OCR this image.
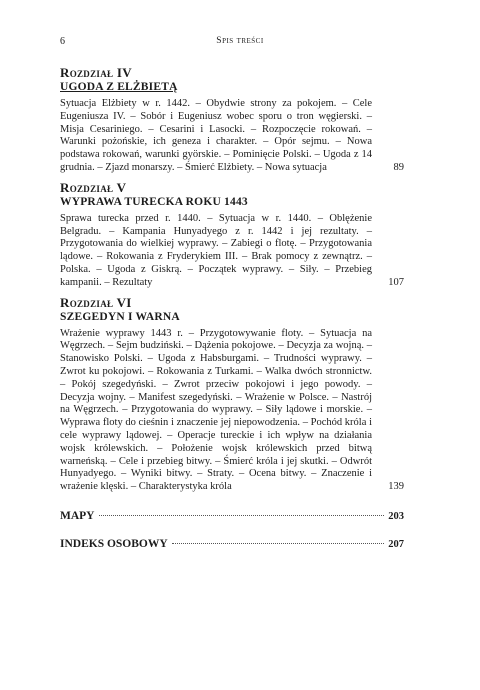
6	Spis treści
Rozdział IV
UGODA Z ELŻBIETĄ
Sytuacja Elżbiety w r. 1442. – Obydwie strony za pokojem. – Cele Eugeniusza IV. – Sobór i Eugeniusz wobec sporu o tron węgierski. – Misja Cesariniego. – Cesarini i Lasocki. – Rozpoczęcie rokowań. – Warunki pożońskie, ich geneza i charakter. – Opór sejmu. – Nowa podstawa rokowań, warunki györskie. – Pominięcie Polski. – Ugoda z 14 grudnia. – Zjazd monarszy. – Śmierć Elżbiety. – Nowa sytuacja	89
Rozdział V
WYPRAWA TURECKA ROKU 1443
Sprawa turecka przed r. 1440. – Sytuacja w r. 1440. – Oblężenie Belgradu. – Kampania Hunyadyego z r. 1442 i jej rezultaty. – Przygotowania do wielkiej wyprawy. – Zabiegi o flotę. – Przygotowania lądowe. – Rokowania z Fryderykiem III. – Brak pomocy z zewnątrz. – Polska. – Ugoda z Giskrą. – Początek wyprawy. – Siły. – Przebieg kampanii. – Rezultaty	107
Rozdział VI
SZEGEDYN I WARNA
Wrażenie wyprawy 1443 r. – Przygotowywanie floty. – Sytuacja na Węgrzech. – Sejm budziński. – Dążenia pokojowe. – Decyzja za wojną. – Stanowisko Polski. – Ugoda z Habsburgami. – Trudności wyprawy. – Zwrot ku pokojowi. – Rokowania z Turkami. – Walka dwóch stronnictw. – Pokój szegedyński. – Zwrot przeciw pokojowi i jego powody. – Decyzja wojny. – Manifest szegedyński. – Wrażenie w Polsce. – Nastrój na Węgrzech. – Przygotowania do wyprawy. – Siły lądowe i morskie. – Wyprawa floty do cieśnin i znaczenie jej niepowodzenia. – Pochód króla i cele wyprawy lądowej. – Operacje tureckie i ich wpływ na działania wojsk królewskich. – Położenie wojsk królewskich przed bitwą warneńską. – Cele i przebieg bitwy. – Śmierć króla i jej skutki. – Odwrót Hunyadyego. – Wyniki bitwy. – Straty. – Ocena bitwy. – Znaczenie i wrażenie klęski. – Charakterystyka króla	139
MAPY	203
INDEKS OSOBOWY	207
